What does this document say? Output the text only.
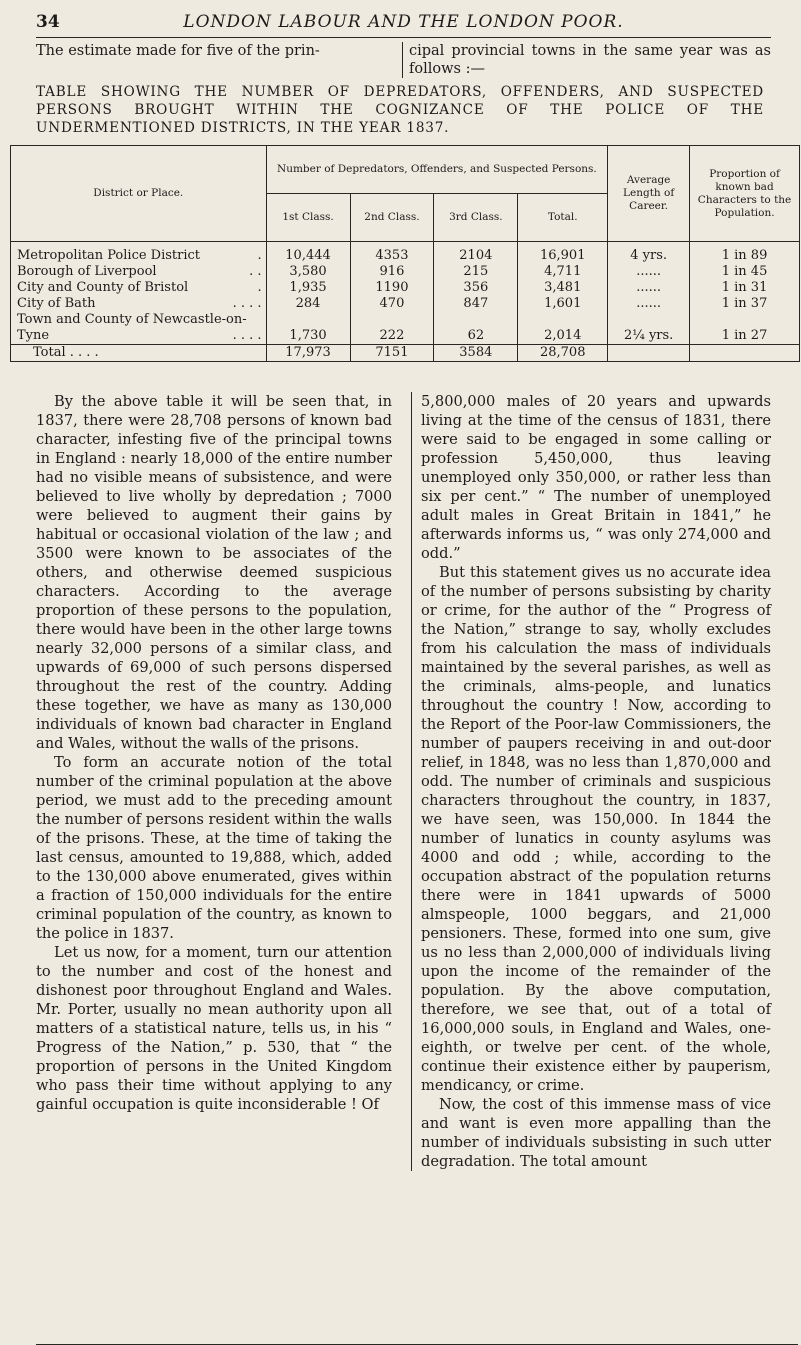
34	LONDON LABOUR AND THE LONDON POOR.
The estimate made for five of the prin-	cipal provincial towns in the same year was as follows :—
TABLE SHOWING THE NUMBER OF DEPREDATORS, OFFENDERS, AND SUSPECTED PERSONS BROUGHT WITHIN THE COGNIZANCE OF THE POLICE OF THE UNDERMENTIONED DISTRICTS, IN THE YEAR 1837.
District or Place.	Number of Depredators, Offenders, and Suspected Persons.				Average Length of Career.	Proportion of known bad Characters to the Population.
	1st Class.	2nd Class.	3rd Class.	Total.		
Metropolitan Police District .	10,444	4353	2104	16,901	4 yrs.	1 in 89
Borough of Liverpool . .	3,580	916	215	4,711	......	1 in 45
City and County of Bristol .	1,935	1190	356	3,481	......	1 in 31
City of Bath . . . .	284	470	847	1,601	......	1 in 37
Town and County of Newcastle-on-Tyne . . . .	1,730	222	62	2,014	2¼ yrs.	1 in 27
Total . . . .	17,973	7151	3584	28,708		

By the above table it will be seen that, in 1837, there were 28,708 persons of known bad character, infesting five of the principal towns in England : nearly 18,000 of the entire number had no visible means of subsistence, and were believed to live wholly by depredation ; 7000 were believed to augment their gains by habitual or occasional violation of the law ; and 3500 were known to be associates of the others, and otherwise deemed suspicious characters. According to the average proportion of these persons to the population, there would have been in the other large towns nearly 32,000 persons of a similar class, and upwards of 69,000 of such persons dispersed throughout the rest of the country. Adding these together, we have as many as 130,000 individuals of known bad character in England and Wales, without the walls of the prisons.

To form an accurate notion of the total number of the criminal population at the above period, we must add to the preceding amount the number of persons resident within the walls of the prisons. These, at the time of taking the last census, amounted to 19,888, which, added to the 130,000 above enumerated, gives within a fraction of 150,000 individuals for the entire criminal population of the country, as known to the police in 1837.

Let us now, for a moment, turn our attention to the number and cost of the honest and dishonest poor throughout England and Wales. Mr. Porter, usually no mean authority upon all matters of a statistical nature, tells us, in his “ Progress of the Nation,” p. 530, that “ the proportion of persons in the United Kingdom who pass their time without applying to any gainful occupation is quite inconsiderable ! Of

5,800,000 males of 20 years and upwards living at the time of the census of 1831, there were said to be engaged in some calling or profession 5,450,000, thus leaving unemployed only 350,000, or rather less than six per cent.” “ The number of unemployed adult males in Great Britain in 1841,” he afterwards informs us, “ was only 274,000 and odd.”

But this statement gives us no accurate idea of the number of persons subsisting by charity or crime, for the author of the “ Progress of the Nation,” strange to say, wholly excludes from his calculation the mass of individuals maintained by the several parishes, as well as the criminals, alms-people, and lunatics throughout the country ! Now, according to the Report of the Poor-law Commissioners, the number of paupers receiving in and out-door relief, in 1848, was no less than 1,870,000 and odd. The number of criminals and suspicious characters throughout the country, in 1837, we have seen, was 150,000. In 1844 the number of lunatics in county asylums was 4000 and odd ; while, according to the occupation abstract of the population returns there were in 1841 upwards of 5000 almspeople, 1000 beggars, and 21,000 pensioners. These, formed into one sum, give us no less than 2,000,000 of individuals living upon the income of the remainder of the population. By the above computation, therefore, we see that, out of a total of 16,000,000 souls, in England and Wales, one-eighth, or twelve per cent. of the whole, continue their existence either by pauperism, mendicancy, or crime.

Now, the cost of this immense mass of vice and want is even more appalling than the number of individuals subsisting in such utter degradation. The total amount
